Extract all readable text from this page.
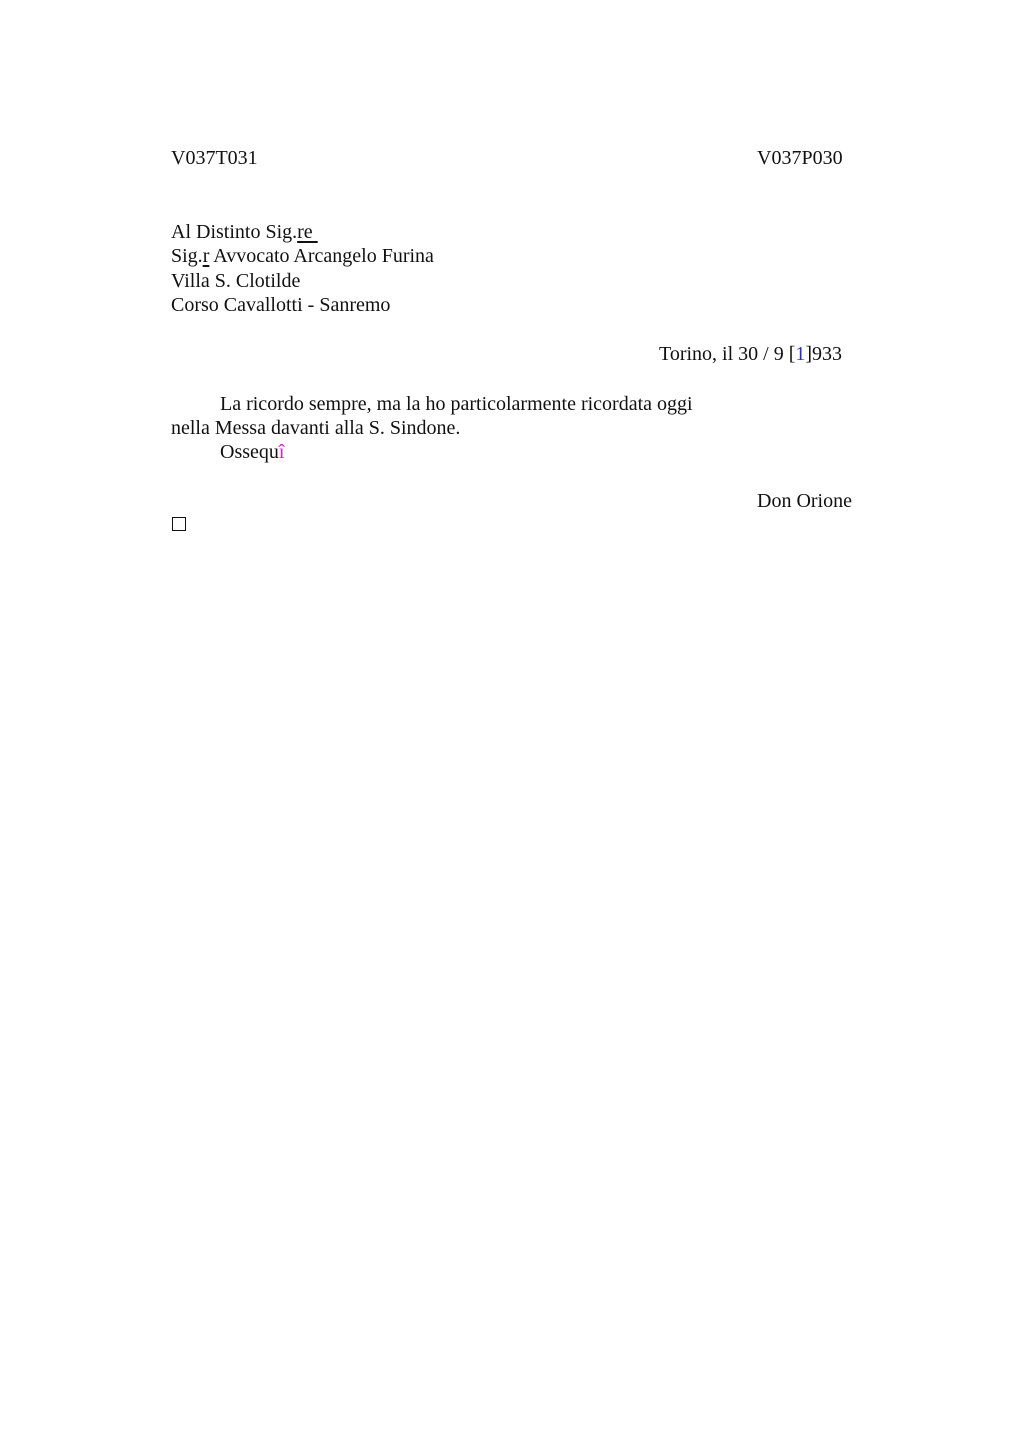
V037T031	V037P030
Al Distinto Sig.re
Sig.r Avvocato Arcangelo Furina
Villa S. Clotilde
Corso Cavallotti - Sanremo
Torino, il 30 / 9 [1]933
La ricordo sempre, ma la ho particolarmente ricordata oggi
nella Messa davanti alla S. Sindone.
Ossequî
Don Orione
